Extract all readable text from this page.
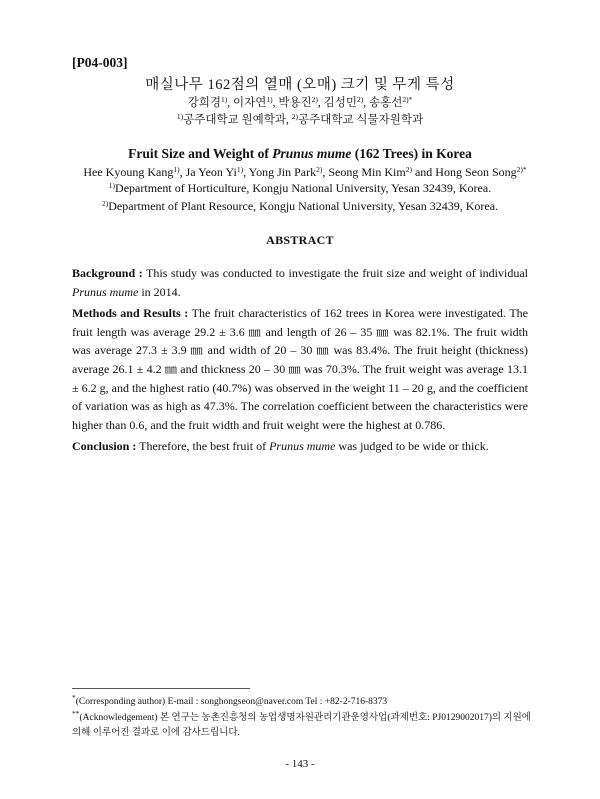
[P04-003]
매실나무 162점의 열매 (오매) 크기 및 무게 특성
강희경$^{1)}$, 이자연$^{1)}$, 박용진$^{2)}$, 김성민$^{2)}$, 송홍선$^{2)*}$
$^{1)}$공주대학교 원예학과, $^{2)}$공주대학교 식물자원학과
Fruit Size and Weight of Prunus mume (162 Trees) in Korea
Hee Kyoung Kang$^{1)}$, Ja Yeon Yi$^{1)}$, Yong Jin Park$^{2)}$, Seong Min Kim$^{2)}$ and Hong Seon Song$^{2)*}$
$^{1)}$Department of Horticulture, Kongju National University, Yesan 32439, Korea.
$^{2)}$Department of Plant Resource, Kongju National University, Yesan 32439, Korea.
ABSTRACT

Background : This study was conducted to investigate the fruit size and weight of individual Prunus mume in 2014.

Methods and Results : The fruit characteristics of 162 trees in Korea were investigated. The fruit length was average 29.2 ± 3.6 ㎜ and length of 26 – 35 ㎜ was 82.1%. The fruit width was average 27.3 ± 3.9 ㎜ and width of 20 – 30 ㎜ was 83.4%. The fruit height (thickness) average 26.1 ± 4.2 ㎜ and thickness 20 – 30 ㎜ was 70.3%. The fruit weight was average 13.1 ± 6.2 g, and the highest ratio (40.7%) was observed in the weight 11 – 20 g, and the coefficient of variation was as high as 47.3%. The correlation coefficient between the characteristics were higher than 0.6, and the fruit width and fruit weight were the highest at 0.786.

Conclusion : Therefore, the best fruit of Prunus mume was judged to be wide or thick.

*(Corresponding author) E-mail : songhongseon@naver.com Tel : +82-2-716-8373
**(Acknowledgement) 본 연구는 농촌진흥청의 농업생명자원관리기관운영사업(과제번호: PJ0129002017)의 지원에 의해 이루어진 결과로 이에 감사드립니다.
- 143 -
